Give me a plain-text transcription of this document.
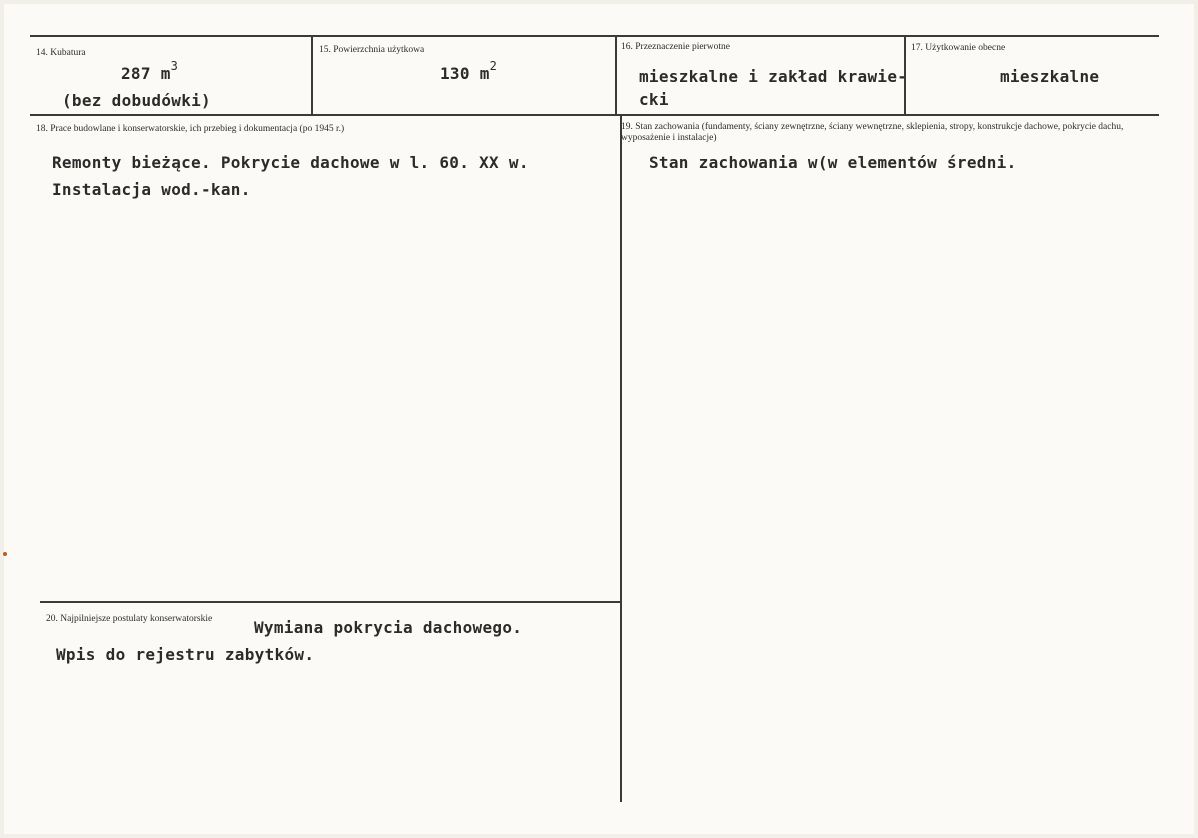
14. Kubatura
287 $m^3$
(bez dobudówki)
15. Powierzchnia użytkowa
130 $m^2$
16. Przeznaczenie pierwotne
mieszkalne i zakład krawie-
cki
17. Użytkowanie obecne
mieszkalne
18. Prace budowlane i konserwatorskie, ich przebieg i dokumentacja (po 1945 r.)
Remonty bieżące. Pokrycie dachowe w l. 60. XX w.
Instalacja wod.-kan.
19. Stan zachowania (fundamenty, ściany zewnętrzne, ściany wewnętrzne, sklepienia, stropy, konstrukcje dachowe, pokrycie dachu, wyposażenie i instalacje)
Stan zachowania w(w elementów średni.
20. Najpilniejsze postulaty konserwatorskie	Wymiana pokrycia dachowego.
Wpis do rejestru zabytków.
